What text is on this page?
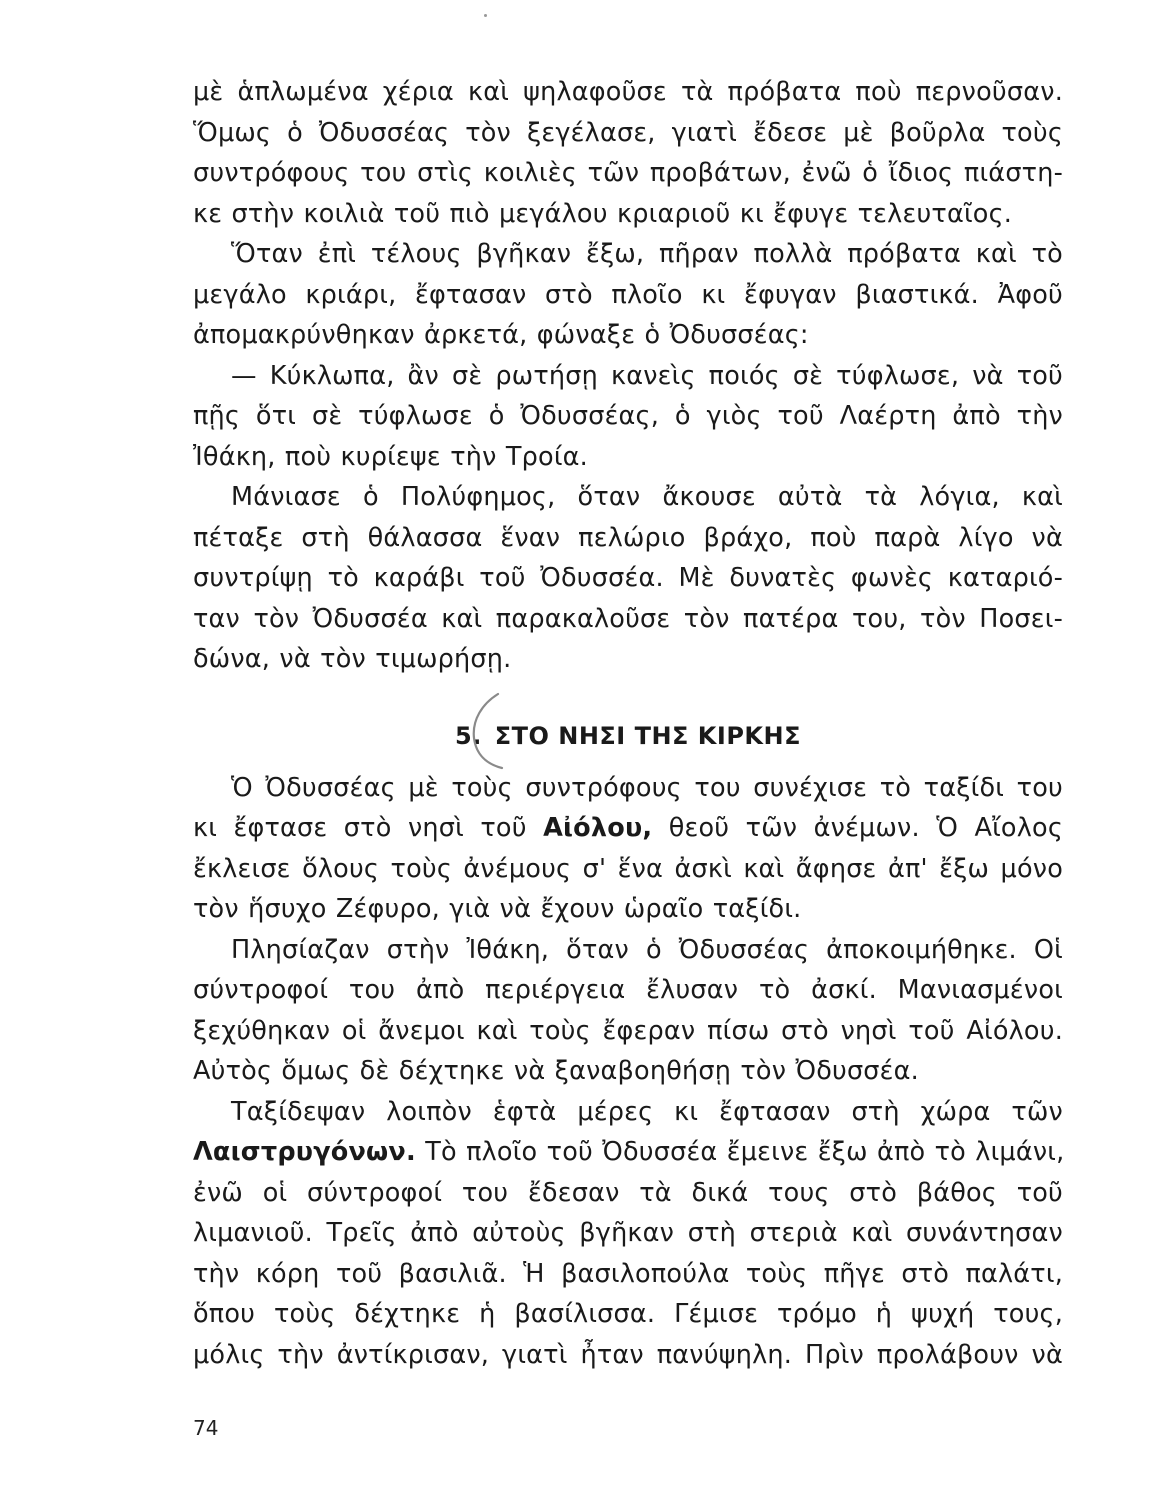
μὲ ἁπλωμένα χέρια καὶ ψηλαφοῦσε τὰ πρόβατα ποὺ περνοῦσαν.
Ὅμως ὁ Ὀδυσσέας τὸν ξεγέλασε, γιατὶ ἔδεσε μὲ βοῦρλα τοὺς
συντρόφους του στὶς κοιλιὲς τῶν προβάτων, ἐνῶ ὁ ἴδιος πιάστη-
κε στὴν κοιλιὰ τοῦ πιὸ μεγάλου κριαριοῦ κι ἔφυγε τελευταῖος.
Ὅταν ἐπὶ τέλους βγῆκαν ἔξω, πῆραν πολλὰ πρόβατα καὶ τὸ
μεγάλο κριάρι, ἔφτασαν στὸ πλοῖο κι ἔφυγαν βιαστικά. Ἀφοῦ
ἀπομακρύνθηκαν ἀρκετά, φώναξε ὁ Ὀδυσσέας:
— Κύκλωπα, ἂν σὲ ρωτήσῃ κανεὶς ποιός σὲ τύφλωσε, νὰ τοῦ
πῇς ὅτι σὲ τύφλωσε ὁ Ὀδυσσέας, ὁ γιὸς τοῦ Λαέρτη ἀπὸ τὴν
Ἰθάκη, ποὺ κυρίεψε τὴν Τροία.
Μάνιασε ὁ Πολύφημος, ὅταν ἄκουσε αὐτὰ τὰ λόγια, καὶ
πέταξε στὴ θάλασσα ἕναν πελώριο βράχο, ποὺ παρὰ λίγο νὰ
συντρίψῃ τὸ καράβι τοῦ Ὀδυσσέα. Μὲ δυνατὲς φωνὲς καταριό-
ταν τὸν Ὀδυσσέα καὶ παρακαλοῦσε τὸν πατέρα του, τὸν Ποσει-
δώνα, νὰ τὸν τιμωρήσῃ.
5. ΣΤΟ ΝΗΣΙ ΤΗΣ ΚΙΡΚΗΣ
Ὁ Ὀδυσσέας μὲ τοὺς συντρόφους του συνέχισε τὸ ταξίδι του
κι ἔφτασε στὸ νησὶ τοῦ Αἰόλου, θεοῦ τῶν ἀνέμων. Ὁ Αἴολος
ἔκλεισε ὅλους τοὺς ἀνέμους σ' ἕνα ἀσκὶ καὶ ἄφησε ἀπ' ἔξω μόνο
τὸν ἥσυχο Ζέφυρο, γιὰ νὰ ἔχουν ὡραῖο ταξίδι.
Πλησίαζαν στὴν Ἰθάκη, ὅταν ὁ Ὀδυσσέας ἀποκοιμήθηκε. Οἱ
σύντροφοί του ἀπὸ περιέργεια ἔλυσαν τὸ ἀσκί. Μανιασμένοι
ξεχύθηκαν οἱ ἄνεμοι καὶ τοὺς ἔφεραν πίσω στὸ νησὶ τοῦ Αἰόλου.
Αὐτὸς ὅμως δὲ δέχτηκε νὰ ξαναβοηθήσῃ τὸν Ὀδυσσέα.
Ταξίδεψαν λοιπὸν ἑφτὰ μέρες κι ἔφτασαν στὴ χώρα τῶν
Λαιστρυγόνων. Τὸ πλοῖο τοῦ Ὀδυσσέα ἔμεινε ἔξω ἀπὸ τὸ λιμάνι,
ἐνῶ οἱ σύντροφοί του ἔδεσαν τὰ δικά τους στὸ βάθος τοῦ
λιμανιοῦ. Τρεῖς ἀπὸ αὐτοὺς βγῆκαν στὴ στεριὰ καὶ συνάντησαν
τὴν κόρη τοῦ βασιλιᾶ. Ἡ βασιλοπούλα τοὺς πῆγε στὸ παλάτι,
ὅπου τοὺς δέχτηκε ἡ βασίλισσα. Γέμισε τρόμο ἡ ψυχή τους,
μόλις τὴν ἀντίκρισαν, γιατὶ ἦταν πανύψηλη. Πρὶν προλάβουν νὰ
74
